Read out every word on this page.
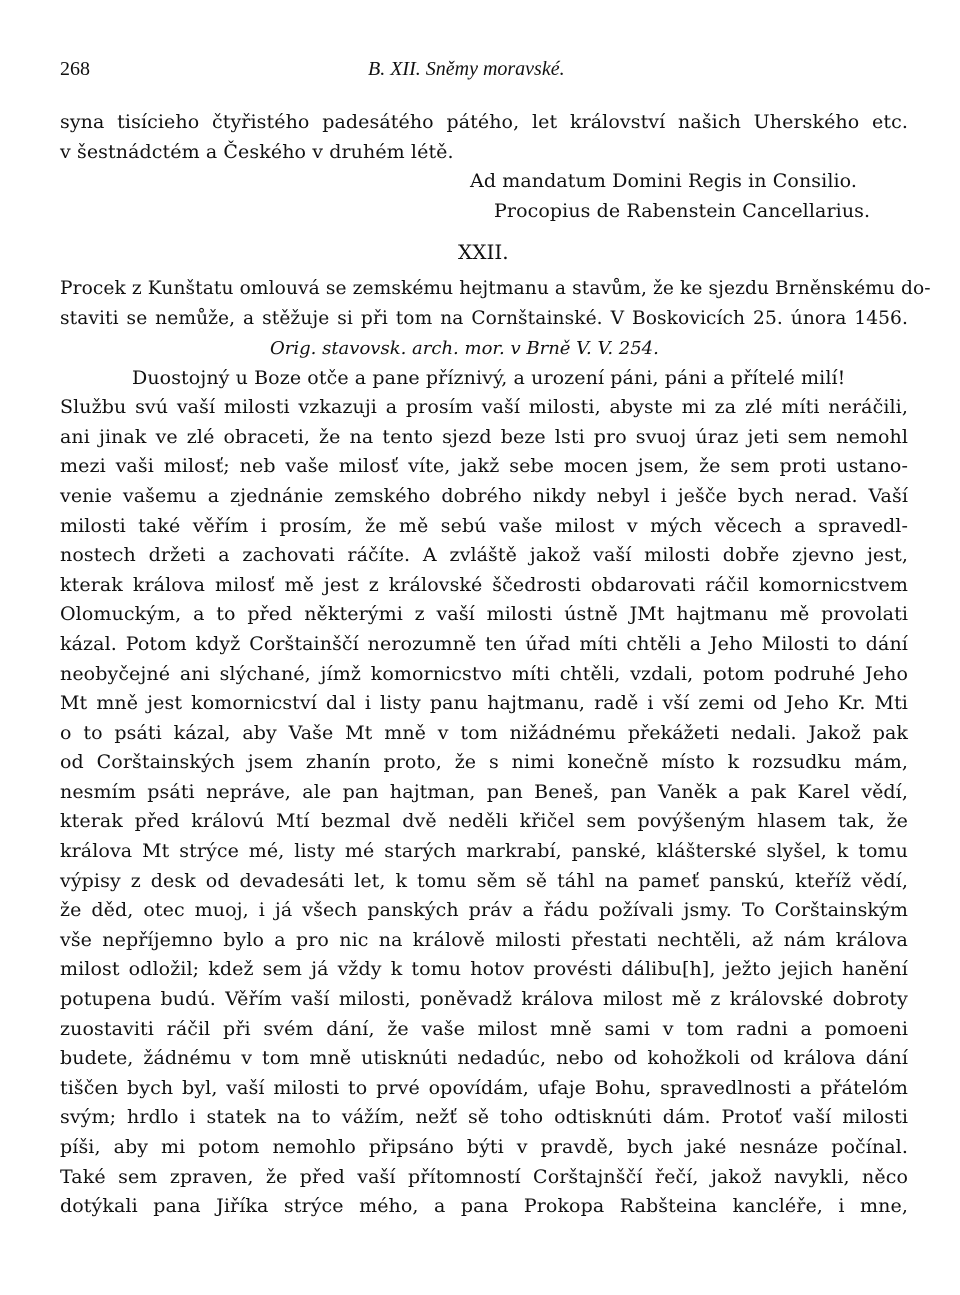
268	B. XII. Sněmy moravské.
syna tisícieho čtyřistého padesátého pátého, let království našich Uherského etc.
v šestnádctém a Českého v druhém létě.
Ad mandatum Domini Regis in Consilio.
Procopius de Rabenstein Cancellarius.
XXII.
Procek z Kunštatu omlouvá se zemskému hejtmanu a stavům, že ke sjezdu Brněnskému do-
staviti se nemůže, a stěžuje si při tom na Cornštainské. V Boskovicích 25. února 1456.
Orig. stavovsk. arch. mor. v Brně V. V. 254.
Duostojný u Boze otče a pane příznivý, a urození páni, páni a přítelé milí!
Službu svú vaší milosti vzkazuji a prosím vaší milosti, abyste mi za zlé míti neráčili,
ani jinak ve zlé obraceti, že na tento sjezd beze lsti pro svuoj úraz jeti sem nemohl
mezi vaši milosť; neb vaše milosť víte, jakž sebe mocen jsem, že sem proti ustano-
venie vašemu a zjednánie zemského dobrého nikdy nebyl i ješče bych nerad. Vaší
milosti také věřím i prosím, že mě sebú vaše milost v mých věcech a spravedl-
nostech držeti a zachovati ráčíte. A zvláště jakož vaší milosti dobře zjevno jest,
kterak králova milosť mě jest z královské ščedrosti obdarovati ráčil komornicstvem
Olomuckým, a to před některými z vaší milosti ústně JMt hajtmanu mě provolati
kázal. Potom když Corštainščí nerozumně ten úřad míti chtěli a Jeho Milosti to dání
neobyčejné ani slýchané, jímž komornicstvo míti chtěli, vzdali, potom podruhé Jeho
Mt mně jest komornicství dal i listy panu hajtmanu, radě i vší zemi od Jeho Kr. Mti
o to psáti kázal, aby Vaše Mt mně v tom nižádnému překážeti nedali. Jakož pak
od Corštainských jsem zhanín proto, že s nimi konečně místo k rozsudku mám,
nesmím psáti nepráve, ale pan hajtman, pan Beneš, pan Vaněk a pak Karel vědí,
kterak před královú Mtí bezmal dvě neděli křičel sem povýšeným hlasem tak, že
králova Mt strýce mé, listy mé starých markrabí, panské, klášterské slyšel, k tomu
výpisy z desk od devadesáti let, k tomu sěm sě táhl na pameť panskú, kteříž vědí,
že děd, otec muoj, i já všech panských práv a řádu požívali jsmy. To Corštainským
vše nepříjemno bylo a pro nic na králově milosti přestati nechtěli, až nám králova
milost odložil; kdež sem já vždy k tomu hotov provésti dálibu[h], ježto jejich hanění
potupena budú. Věřím vaší milosti, poněvadž králova milost mě z královské dobroty
zuostaviti ráčil při svém dání, že vaše milost mně sami v tom radni a pomoeni
budete, žádnému v tom mně utisknúti nedadúc, nebo od kohožkoli od králova dání
tiščen bych byl, vaší milosti to prvé opovídám, ufaje Bohu, spravedlnosti a přátelóm
svým; hrdlo i statek na to vážím, nežť sě toho odtisknúti dám. Protoť vaší milosti
píši, aby mi potom nemohlo připsáno býti v pravdě, bych jaké nesnáze počínal.
Také sem zpraven, že před vaší přítomností Corštajnščí řečí, jakož navykli, něco
dotýkali pana Jiříka strýce mého, a pana Prokopa Rabšteina kancléře, i mne,
